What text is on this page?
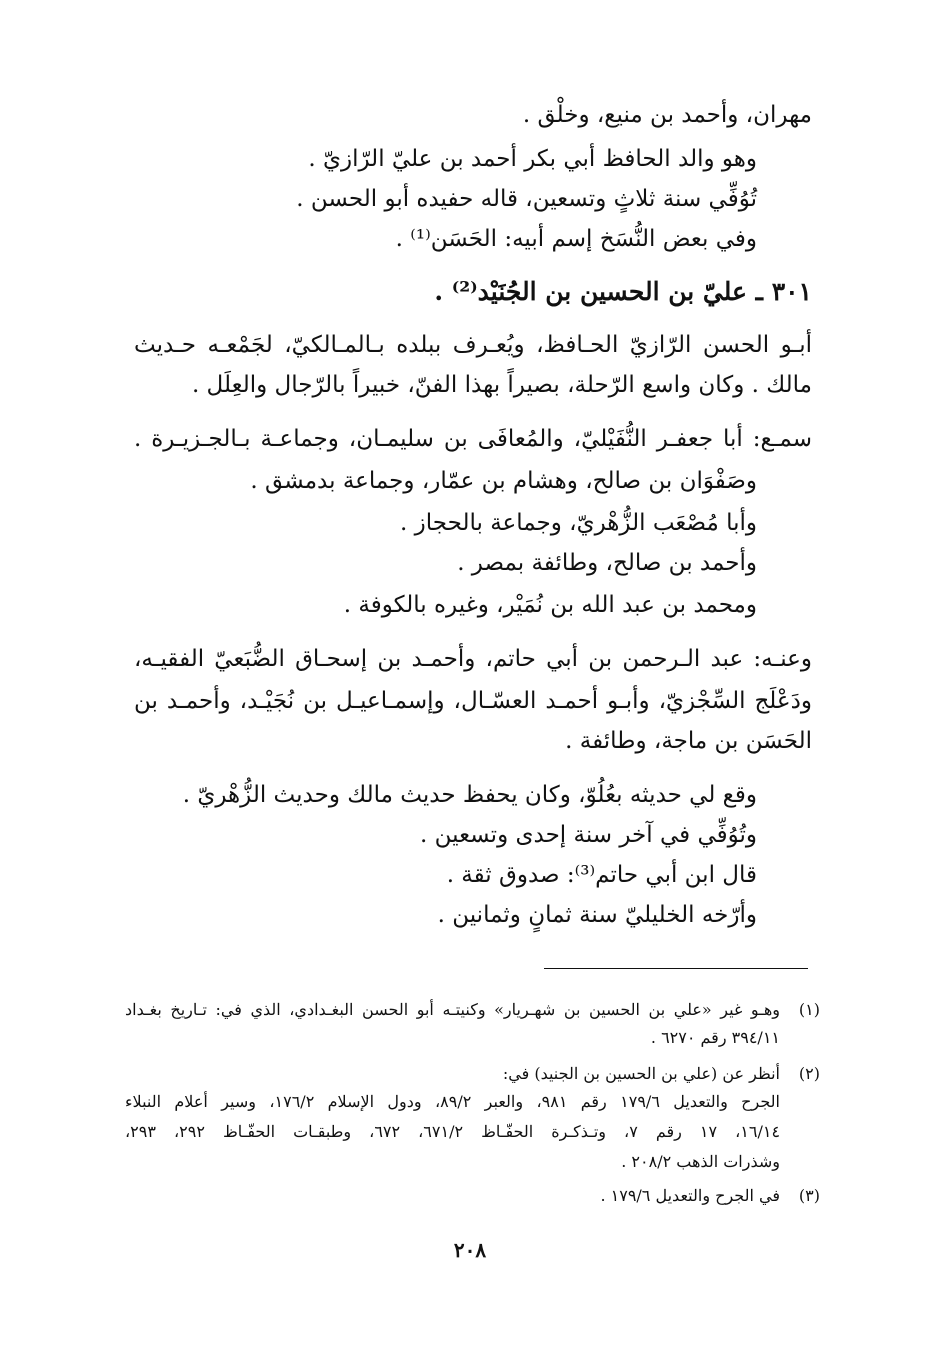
مهران، وأحمد بن منيع، وخلْق .
وهو والد الحافظ أبي بكر أحمد بن عليّ الرّازيّ .
تُوُفِّي سنة ثلاثٍ وتسعين، قاله حفيده أبو الحسن .
وفي بعض النُّسَخ إسم أبيه: الحَسَن⁽¹⁾ .
٣٠١ ـ عليّ بن الحسين بن الجُنَيْد⁽²⁾ .
أبـو الحسن الرّازيّ الحـافظ، ويُعـرف ببلده بـالمـالكيّ، لجَمْعـه حـديث
مالك . وكان واسع الرّحلة، بصيراً بهذا الفنّ، خبيراً بالرّجال والعِلَل .
سمـع: أبا جعفـر النُّفَيْليّ، والمُعافَى بن سليمـان، وجماعـة بـالجـزيـرة .
وصَفْوَان بن صالح، وهشام بن عمّار، وجماعة بدمشق .
وأبا مُصْعَب الزُّهْريّ، وجماعة بالحجاز .
وأحمد بن صالح، وطائفة بمصر .
ومحمد بن عبد الله بن نُمَيْر، وغيره بالكوفة .
وعنـه: عبد الـرحمن بن أبي حاتم، وأحمـد بن إسحـاق الضُّبَعيّ الفقيـه،
ودَعْلَج السِّجْزيّ، وأبـو أحمـد العسّـال، وإسمـاعيـل بن نُجَيْـد، وأحمـد بن
الحَسَن بن ماجة، وطائفة .
وقع لي حديثه بعُلُوّ، وكان يحفظ حديث مالك وحديث الزُّهْريّ .
وتُوُفِّي في آخر سنة إحدى وتسعين .
قال ابن أبي حاتم⁽³⁾: صدوق ثقة .
وأرّخه الخليليّ سنة ثمانٍ وثمانين .
(١)
وهـو غير «علي بن الحسين بن شهـريار» وكنيتـه أبو الحسن البغـدادي، الذي في: تـاريخ بغـداد
٣٩٤/١١ رقم ٦٢٧٠ .
(٢)
أنظر عن (علي بن الحسين بن الجنيد) في:
الجرح والتعديل ١٧٩/٦ رقم ٩٨١، والعبر ٨٩/٢، ودول الإسلام ١٧٦/٢، وسير أعلام النبلاء
١٦/١٤، ١٧ رقم ٧، وتـذكـرة الحفّـاظ ٦٧١/٢، ٦٧٢، وطبقـات الحفّـاظ ٢٩٢، ٢٩٣،
وشذرات الذهب ٢٠٨/٢ .
(٣)
في الجرح والتعديل ١٧٩/٦ .
٢٠٨
